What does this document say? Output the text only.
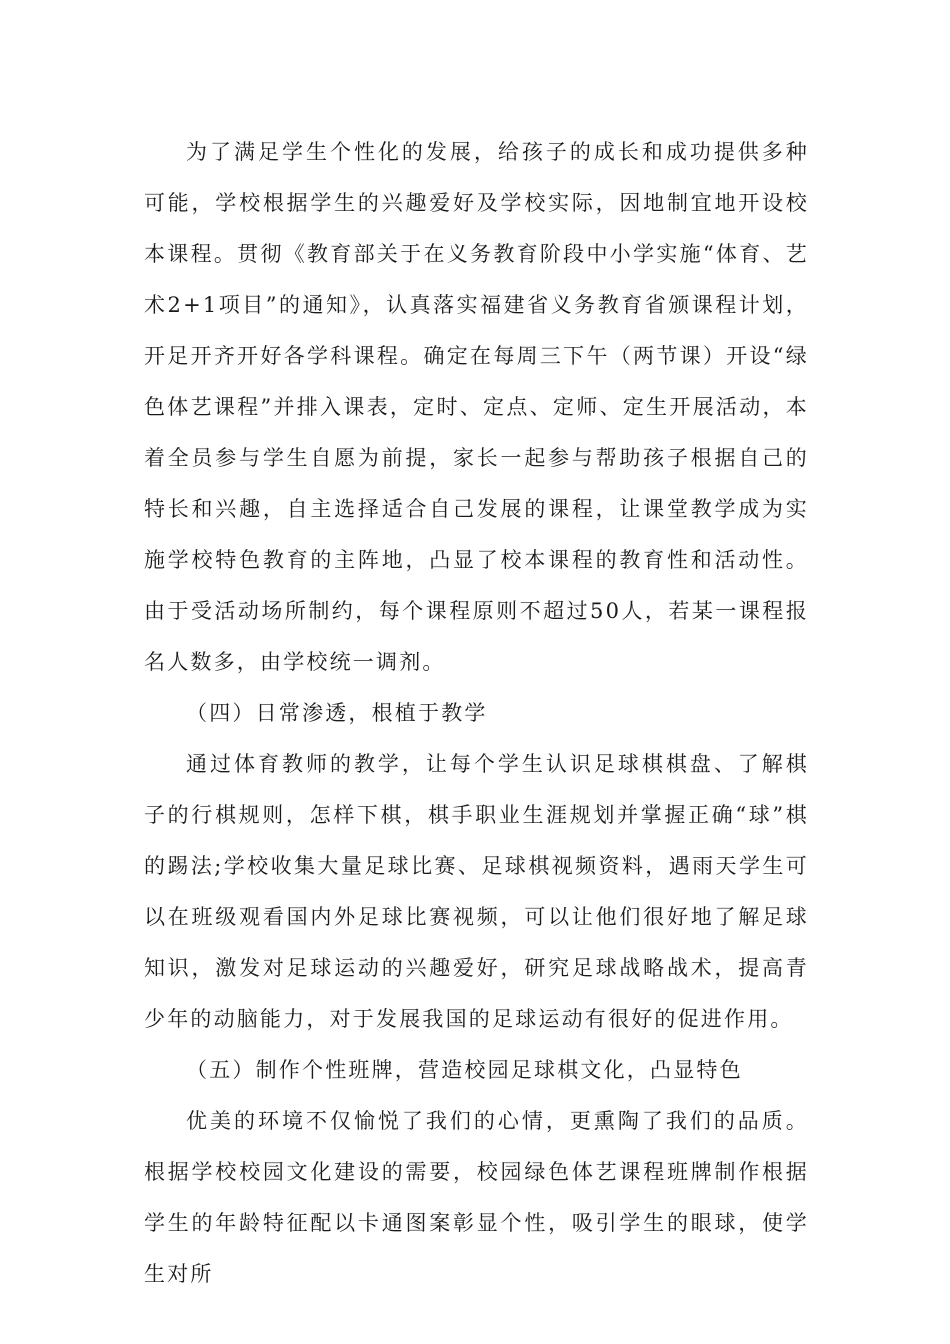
为了满足学生个性化的发展，给孩子的成长和成功提供多种可能，学校根据学生的兴趣爱好及学校实际，因地制宜地开设校本课程。贯彻《教育部关于在义务教育阶段中小学实施“体育、艺术2+1项目”的通知》，认真落实福建省义务教育省颁课程计划，开足开齐开好各学科课程。确定在每周三下午（两节课）开设“绿色体艺课程”并排入课表，定时、定点、定师、定生开展活动，本着全员参与学生自愿为前提，家长一起参与帮助孩子根据自己的特长和兴趣，自主选择适合自己发展的课程，让课堂教学成为实施学校特色教育的主阵地，凸显了校本课程的教育性和活动性。由于受活动场所制约，每个课程原则不超过50人，若某一课程报名人数多，由学校统一调剂。

（四）日常渗透，根植于教学

通过体育教师的教学，让每个学生认识足球棋棋盘、了解棋子的行棋规则，怎样下棋，棋手职业生涯规划并掌握正确“球”棋的踢法;学校收集大量足球比赛、足球棋视频资料，遇雨天学生可以在班级观看国内外足球比赛视频，可以让他们很好地了解足球知识，激发对足球运动的兴趣爱好，研究足球战略战术，提高青少年的动脑能力，对于发展我国的足球运动有很好的促进作用。

（五）制作个性班牌，营造校园足球棋文化，凸显特色

优美的环境不仅愉悦了我们的心情，更熏陶了我们的品质。根据学校校园文化建设的需要，校园绿色体艺课程班牌制作根据学生的年龄特征配以卡通图案彰显个性，吸引学生的眼球，使学生对所
